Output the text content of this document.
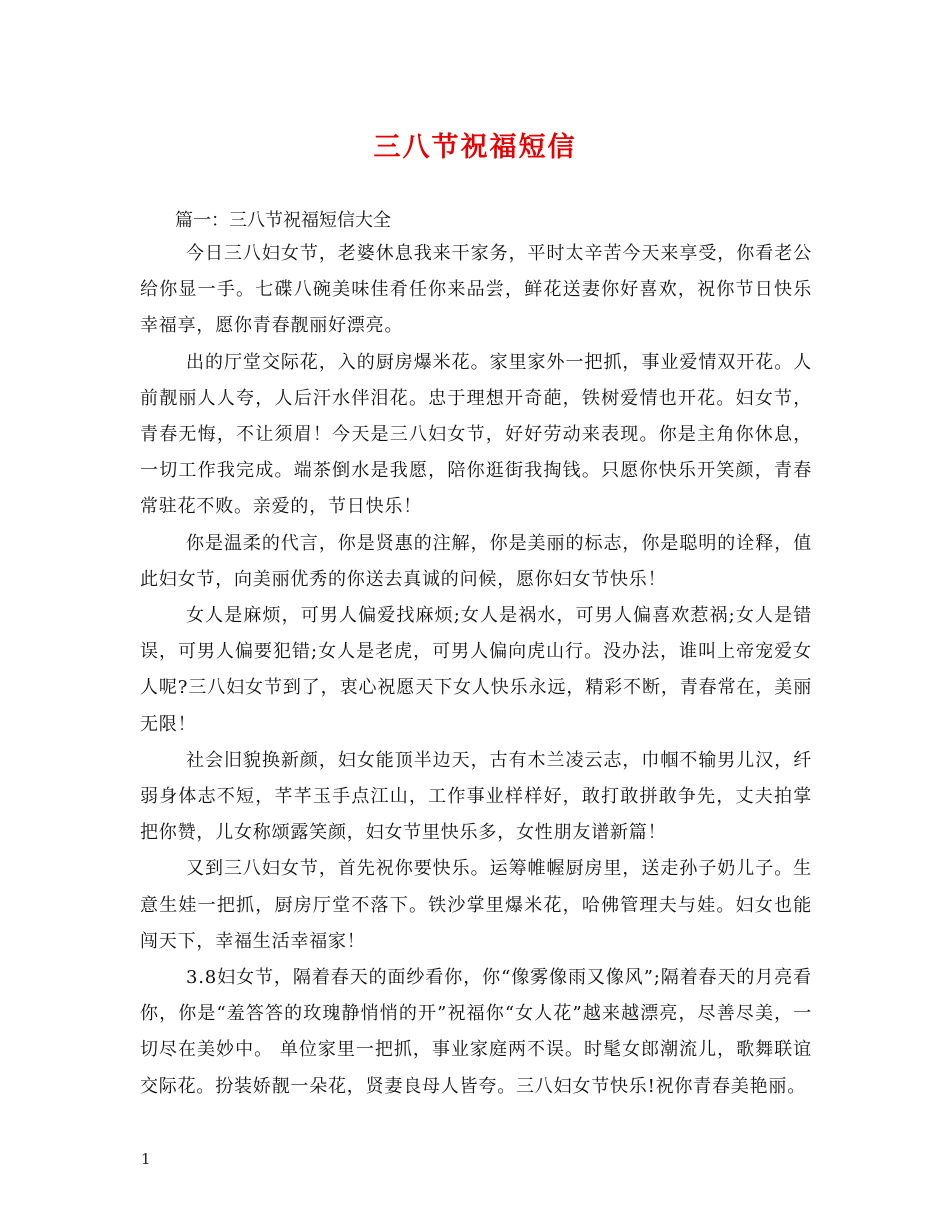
三八节祝福短信
篇一：三八节祝福短信大全

今日三八妇女节，老婆休息我来干家务，平时太辛苦今天来享受，你看老公给你显一手。七碟八碗美味佳肴任你来品尝，鲜花送妻你好喜欢，祝你节日快乐幸福享，愿你青春靓丽好漂亮。

出的厅堂交际花，入的厨房爆米花。家里家外一把抓，事业爱情双开花。人前靓丽人人夸，人后汗水伴泪花。忠于理想开奇葩，铁树爱情也开花。妇女节，青春无悔，不让须眉！今天是三八妇女节，好好劳动来表现。你是主角你休息，一切工作我完成。端茶倒水是我愿，陪你逛街我掏钱。只愿你快乐开笑颜，青春常驻花不败。亲爱的，节日快乐！

你是温柔的代言，你是贤惠的注解，你是美丽的标志，你是聪明的诠释，值此妇女节，向美丽优秀的你送去真诚的问候，愿你妇女节快乐！

女人是麻烦，可男人偏爱找麻烦;女人是祸水，可男人偏喜欢惹祸;女人是错误，可男人偏要犯错;女人是老虎，可男人偏向虎山行。没办法，谁叫上帝宠爱女人呢?三八妇女节到了，衷心祝愿天下女人快乐永远，精彩不断，青春常在，美丽无限！

社会旧貌换新颜，妇女能顶半边天，古有木兰凌云志，巾帼不输男儿汉，纤弱身体志不短，芊芊玉手点江山，工作事业样样好，敢打敢拼敢争先，丈夫拍掌把你赞，儿女称颂露笑颜，妇女节里快乐多，女性朋友谱新篇！

又到三八妇女节，首先祝你要快乐。运筹帷幄厨房里，送走孙子奶儿子。生意生娃一把抓，厨房厅堂不落下。铁沙掌里爆米花，哈佛管理夫与娃。妇女也能闯天下，幸福生活幸福家！

3.8妇女节，隔着春天的面纱看你，你“像雾像雨又像风”;隔着春天的月亮看你，你是“羞答答的玫瑰静悄悄的开”祝福你“女人花”越来越漂亮，尽善尽美，一切尽在美妙中。 单位家里一把抓，事业家庭两不误。时髦女郎潮流儿，歌舞联谊交际花。扮装娇靓一朵花，贤妻良母人皆夸。三八妇女节快乐!祝你青春美艳丽。

1
